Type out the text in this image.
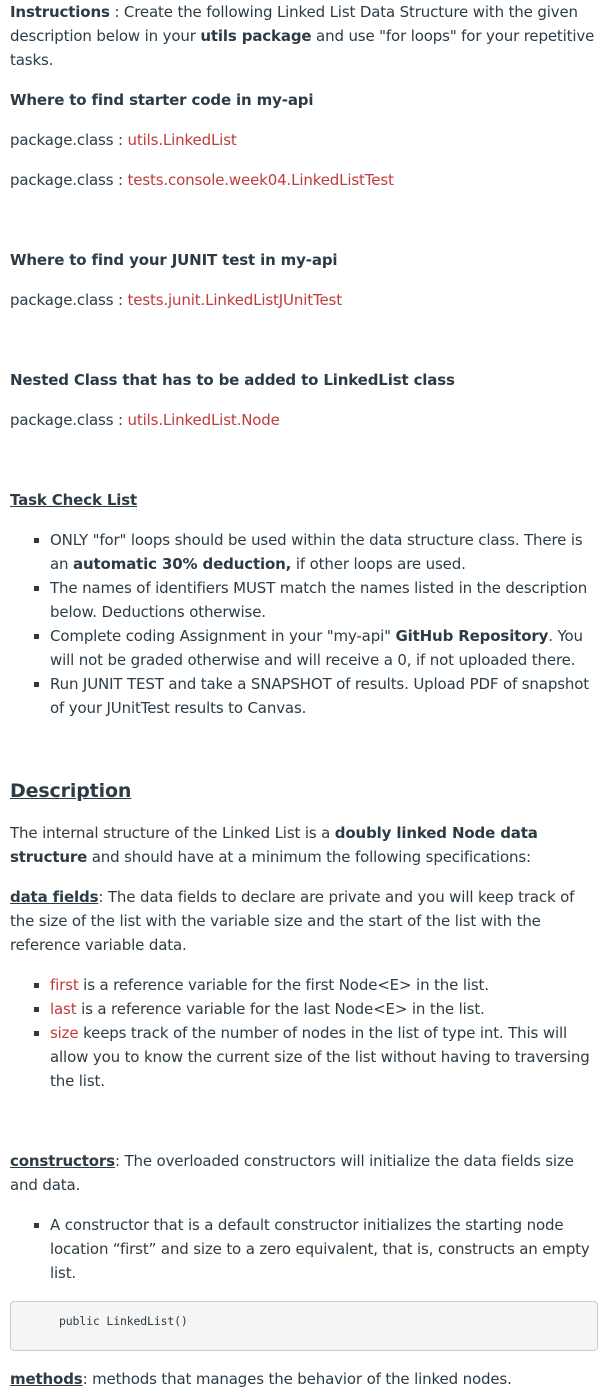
Instructions : Create the following Linked List Data Structure with the given description below in your utils package and use "for loops" for your repetitive tasks.

Where to find starter code in my-api

package.class : utils.LinkedList

package.class : tests.console.week04.LinkedListTest

Where to find your JUNIT test in my-api

package.class : tests.junit.LinkedListJUnitTest

Nested Class that has to be added to LinkedList class

package.class : utils.LinkedList.Node

Task Check List

ONLY "for" loops should be used within the data structure class. There is an automatic 30% deduction, if other loops are used.
The names of identifiers MUST match the names listed in the description below. Deductions otherwise.
Complete coding Assignment in your "my-api" GitHub Repository. You will not be graded otherwise and will receive a 0, if not uploaded there.
Run JUNIT TEST and take a SNAPSHOT of results. Upload PDF of snapshot of your JUnitTest results to Canvas.

Description

The internal structure of the Linked List is a doubly linked Node data structure and should have at a minimum the following specifications:

data fields: The data fields to declare are private and you will keep track of the size of the list with the variable size and the start of the list with the reference variable data.

first is a reference variable for the first Node<E> in the list.
last is a reference variable for the last Node<E> in the list.
size keeps track of the number of nodes in the list of type int. This will allow you to know the current size of the list without having to traversing the list.

constructors: The overloaded constructors will initialize the data fields size and data.

A constructor that is a default constructor initializes the starting node location “first” and size to a zero equivalent, that is, constructs an empty list.
public LinkedList()

methods: methods that manages the behavior of the linked nodes.
